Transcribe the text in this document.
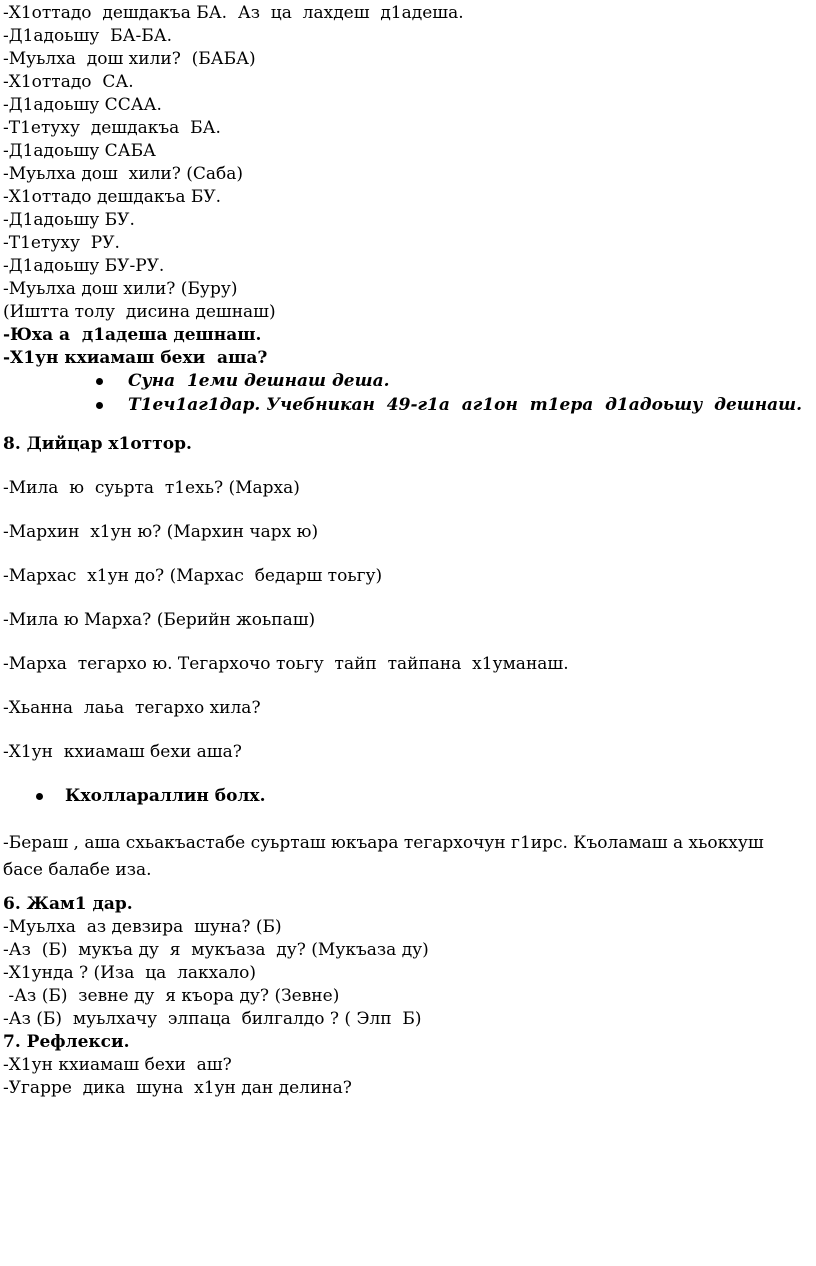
-Х1оттадо  дешдакъа БА.  Аз  ца  лахдеш  д1адеша.
-Д1адоьшу  БА-БА.
-Муьлха  дош хили?  (БАБА)
-Х1оттадо  СА.
-Д1адоьшу ССАА.
-Т1етуху  дешдакъа  БА.
-Д1адоьшу САБА
-Муьлха дош  хили? (Саба)
-Х1оттадо дешдакъа БУ.
-Д1адоьшу БУ.
-Т1етуху  РУ.
-Д1адоьшу БУ-РУ.
-Муьлха дош хили? (Буру)
(Иштта толу  дисина дешнаш)
-Юха а  д1адеша дешнаш.
-Х1ун кхиамаш бехи  аша?
Суна  1еми дешнаш деша.
Т1еч1аг1дар. Учебникан  49-г1а  аг1он  т1ера  д1адоьшу  дешнаш.
8. Дийцар х1оттор.
-Мила  ю  суьрта  т1ехь? (Марха)
-Мархин  х1ун ю? (Мархин чарх ю)
-Мархас  х1ун до? (Мархас  бедарш тоьгу)
-Мила ю Марха? (Берийн жоьпаш)
-Марха  тегархо ю. Тегархочо тоьгу  тайп  тайпана  х1уманаш.
-Хьанна  лаьа  тегархо хила?
-Х1ун  кхиамаш бехи аша?
Кхоллараллин болх.
-Бераш , аша схьакъастабе суьрташ юкъара тегархочун г1ирс. Къоламаш а хьокхуш басе балабе иза.
6. Жам1 дар.
-Муьлха  аз девзира  шуна? (Б)
-Аз  (Б)  мукъа ду  я  мукъаза  ду? (Мукъаза ду)
-Х1унда ? (Иза  ца  лакхало)
-Аз (Б)  зевне ду  я къора ду? (Зевне)
-Аз (Б)  муьлхачу  элпаца  билгалдо ? ( Элп  Б)
7. Рефлекси.
-Х1ун кхиамаш бехи  аш?
-Угарре  дика  шуна  х1ун дан делина?
